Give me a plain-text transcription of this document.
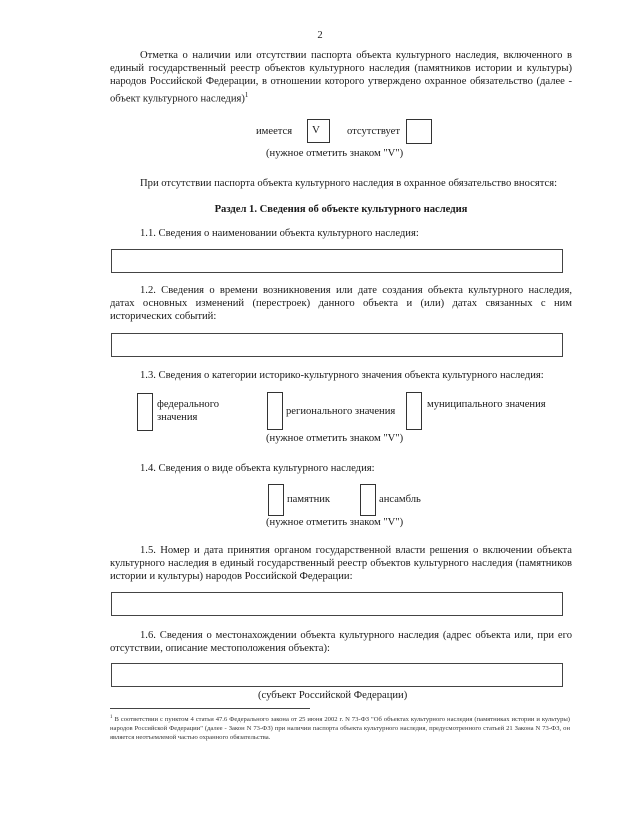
2
Отметка о наличии или отсутствии паспорта объекта культурного наследия, включенного в единый государственный реестр объектов культурного наследия (памятников истории и культуры) народов Российской Федерации, в отношении которого утверждено охранное обязательство (далее - объект культурного наследия)$^1$
имеется V	отсутствует
(нужное отметить знаком "V")
При отсутствии паспорта объекта культурного наследия в охранное обязательство вносятся:
Раздел 1. Сведения об объекте культурного наследия
1.1. Сведения о наименовании объекта культурного наследия:
1.2. Сведения о времени возникновения или дате создания объекта культурного наследия, датах основных изменений (перестроек) данного объекта и (или) датах связанных с ним исторических событий:
1.3. Сведения о категории историко-культурного значения объекта культурного наследия:
федерального значения
регионального значения
муниципального значения
(нужное отметить знаком "V")
1.4. Сведения о виде объекта культурного наследия:
памятник	ансамбль
(нужное отметить знаком "V")
1.5. Номер и дата принятия органом государственной власти решения о включении объекта культурного наследия в единый государственный реестр объектов культурного наследия (памятников истории и культуры) народов Российской Федерации:
1.6. Сведения о местонахождении объекта культурного наследия (адрес объекта или, при его отсутствии, описание местоположения объекта):
(субъект Российской Федерации)
$^1$ В соответствии с пунктом 4 статьи 47.6 Федерального закона от 25 июня 2002 г. N 73-ФЗ "Об объектах культурного наследия (памятниках истории и культуры) народов Российской Федерации" (далее - Закон N 73-ФЗ) при наличии паспорта объекта культурного наследия, предусмотренного статьей 21 Закона N 73-ФЗ, он является неотъемлемой частью охранного обязательства.
